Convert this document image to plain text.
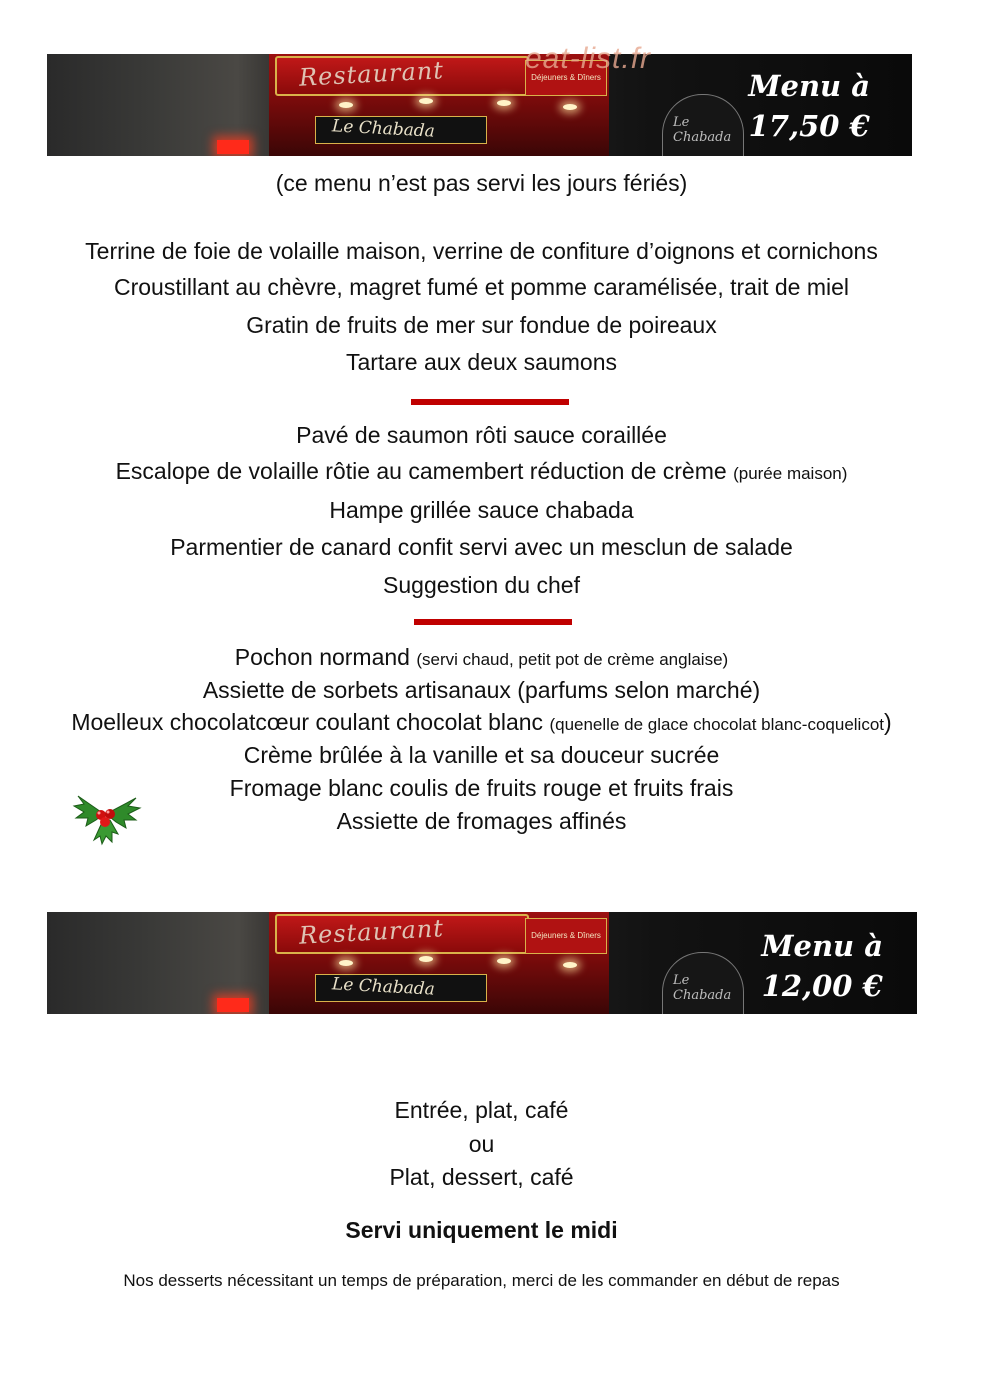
Restaurant	Déjeuners & Dîners
Le Chabada	Le Chabada
Menu à
17,50 €
eat-list.fr
(ce menu n’est pas servi les jours fériés)
Terrine de foie de volaille maison, verrine de confiture d’oignons et cornichons
Croustillant au chèvre, magret fumé et pomme caramélisée, trait de miel
Gratin de fruits de mer sur fondue de poireaux
Tartare aux deux saumons
Pavé de saumon rôti sauce coraillée
Escalope de volaille rôtie au camembert réduction de crème (purée maison)
Hampe grillée sauce chabada
Parmentier de canard confit servi avec un mesclun de salade
Suggestion du chef
Pochon normand (servi chaud, petit pot de crème anglaise)
Assiette de sorbets artisanaux (parfums selon marché)
Moelleux chocolatcœur coulant chocolat blanc (quenelle de glace chocolat blanc-coquelicot)
Crème brûlée à la vanille et sa douceur sucrée
Fromage blanc coulis de fruits rouge et fruits frais
Assiette de fromages affinés
Restaurant	Déjeuners & Dîners
Le Chabada	Le Chabada
Menu à
12,00 €
Entrée, plat, café
ou
Plat, dessert, café
Servi uniquement le midi
Nos desserts nécessitant un temps de préparation, merci de les commander en début de repas
